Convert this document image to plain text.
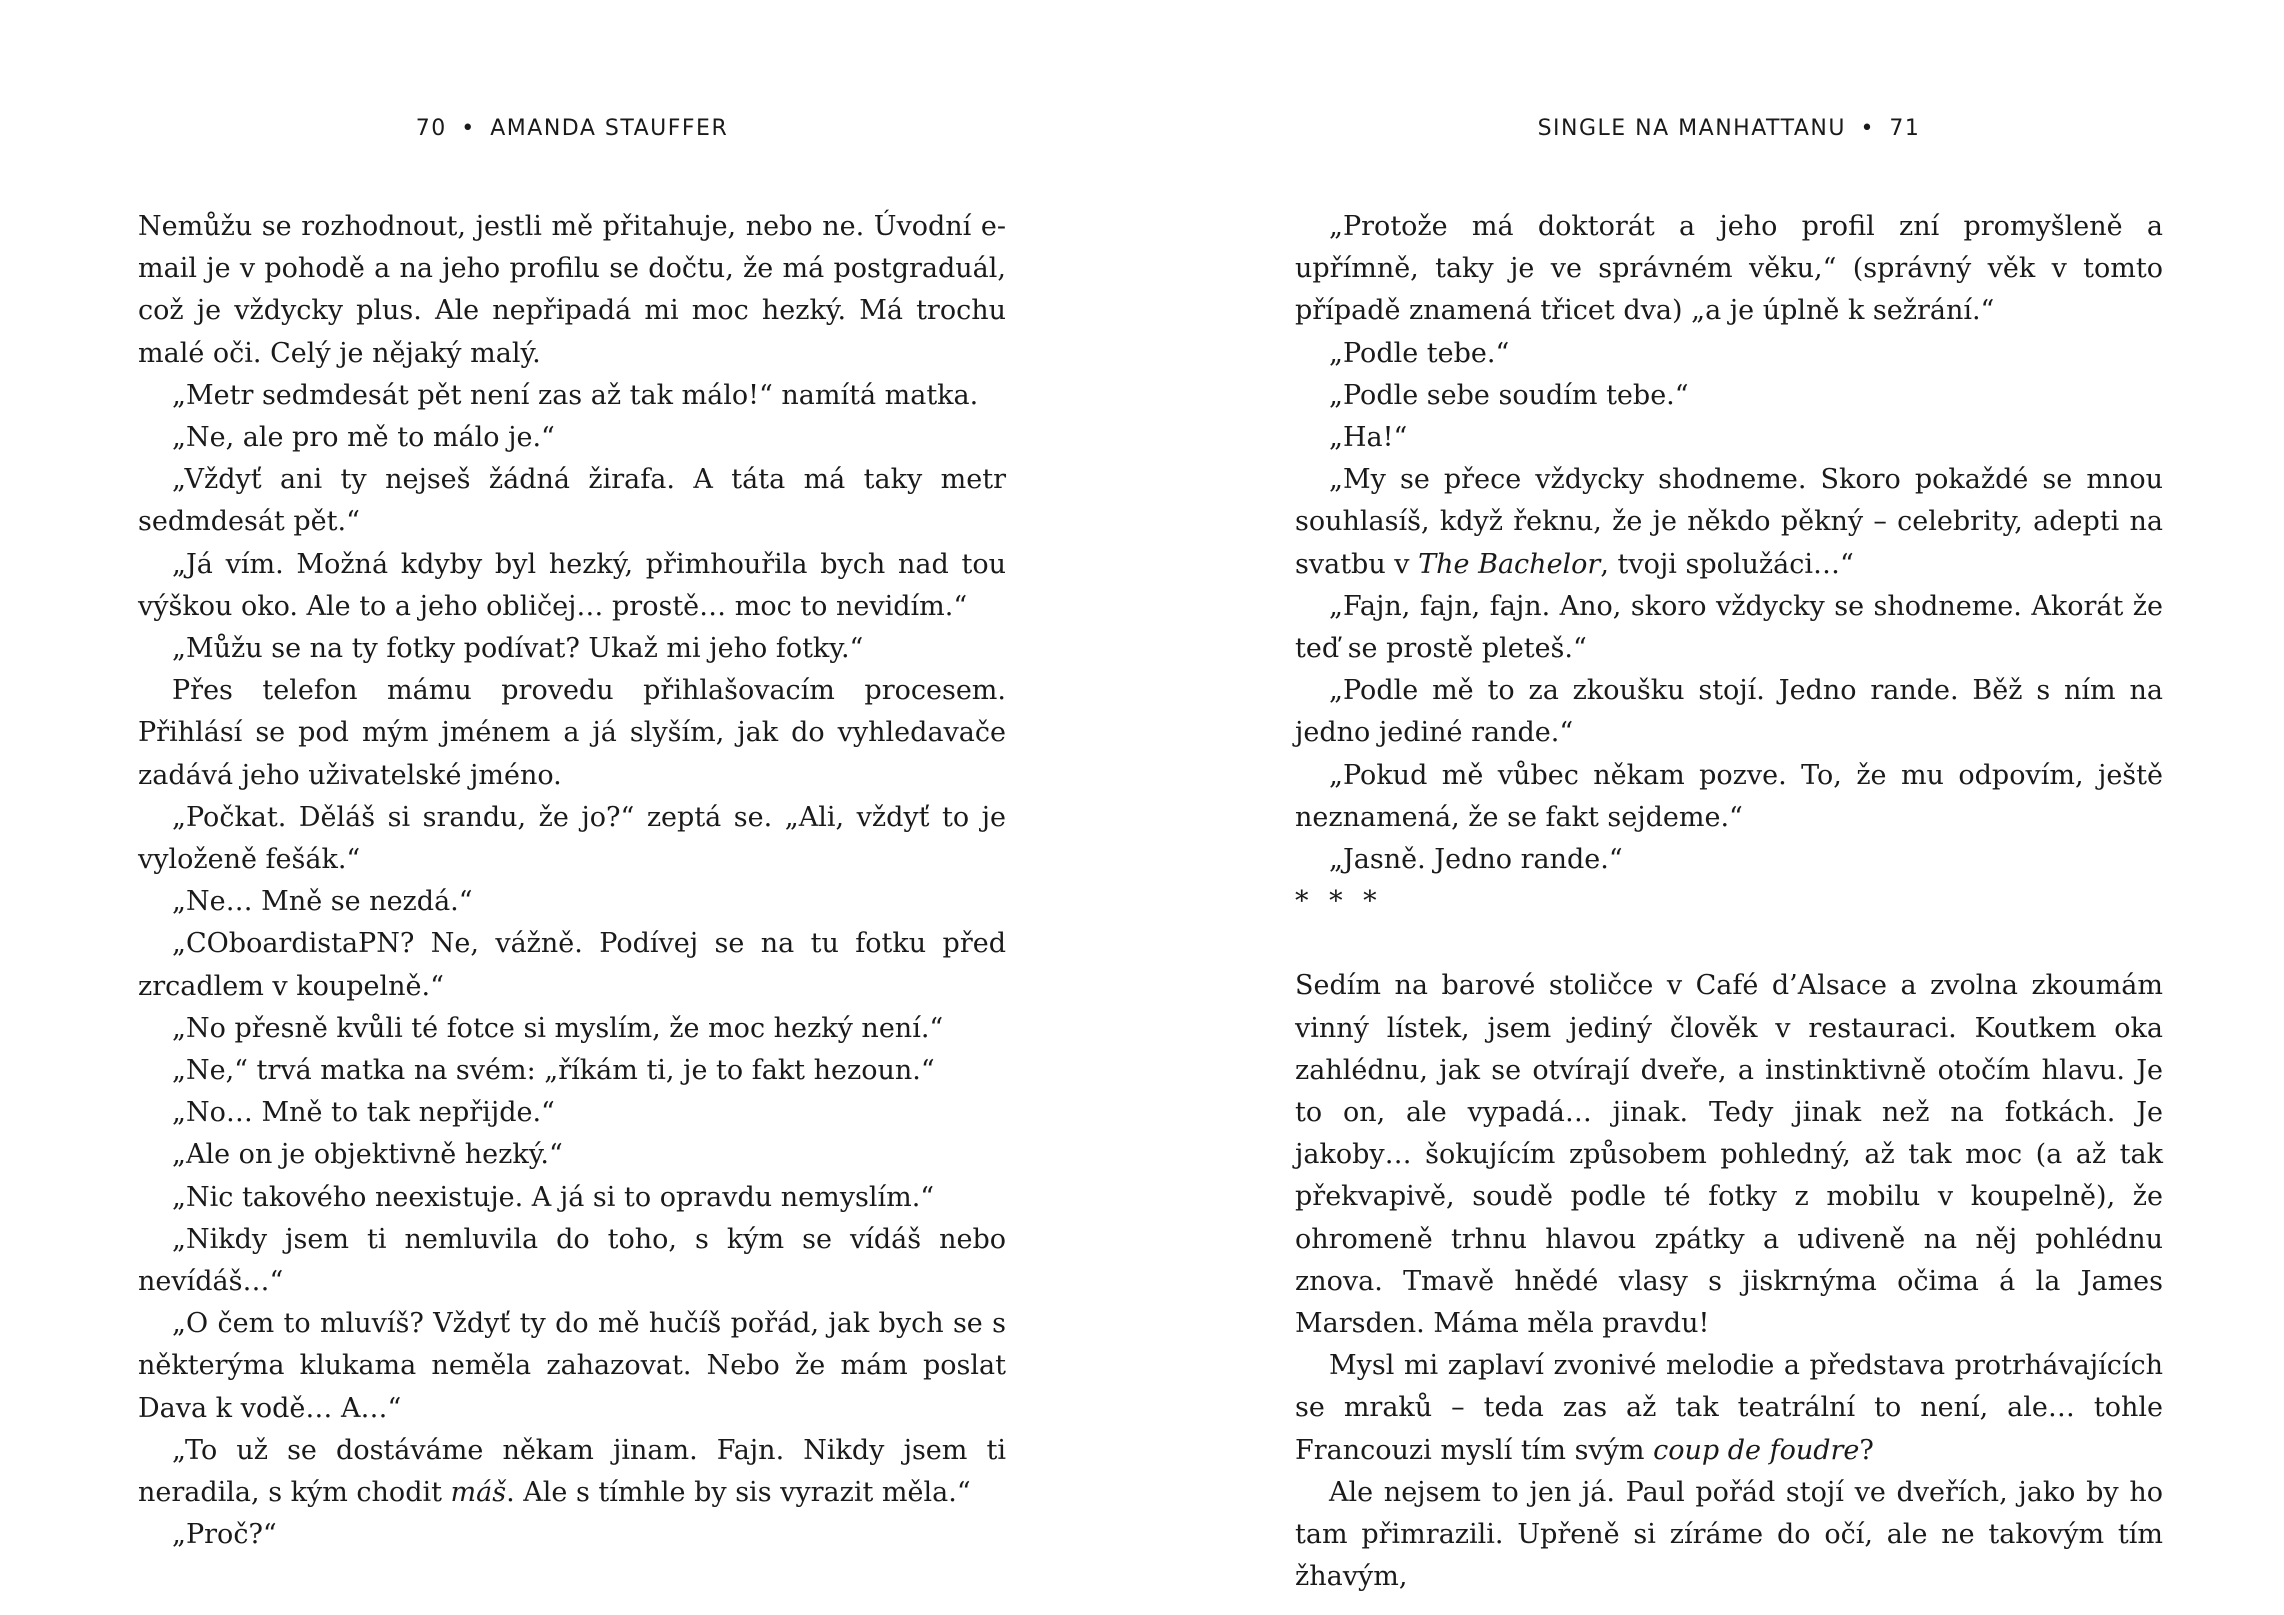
70 • AMANDA STAUFFER

Nemůžu se rozhodnout, jestli mě přitahuje, nebo ne. Úvodní e-mail je v pohodě a na jeho profilu se dočtu, že má postgraduál, což je vždycky plus. Ale nepřipadá mi moc hezký. Má trochu malé oči. Celý je nějaký malý.

„Metr sedmdesát pět není zas až tak málo!“ namítá matka.

„Ne, ale pro mě to málo je.“

„Vždyť ani ty nejseš žádná žirafa. A táta má taky metr sedmdesát pět.“

„Já vím. Možná kdyby byl hezký, přimhouřila bych nad tou výškou oko. Ale to a jeho obličej… prostě… moc to nevidím.“

„Můžu se na ty fotky podívat? Ukaž mi jeho fotky.“

Přes telefon mámu provedu přihlašovacím procesem. Přihlásí se pod mým jménem a já slyším, jak do vyhledavače zadává jeho uživatelské jméno.

„Počkat. Děláš si srandu, že jo?“ zeptá se. „Ali, vždyť to je vyloženě fešák.“

„Ne… Mně se nezdá.“

„COboardistaPN? Ne, vážně. Podívej se na tu fotku před zrcadlem v koupelně.“

„No přesně kvůli té fotce si myslím, že moc hezký není.“

„Ne,“ trvá matka na svém: „říkám ti, je to fakt hezoun.“

„No… Mně to tak nepřijde.“

„Ale on je objektivně hezký.“

„Nic takového neexistuje. A já si to opravdu nemyslím.“

„Nikdy jsem ti nemluvila do toho, s kým se vídáš nebo nevídáš…“

„O čem to mluvíš? Vždyť ty do mě hučíš pořád, jak bych se s některýma klukama neměla zahazovat. Nebo že mám poslat Dava k vodě… A…“

„To už se dostáváme někam jinam. Fajn. Nikdy jsem ti neradila, s kým chodit máš. Ale s tímhle by sis vyrazit měla.“

„Proč?“

SINGLE NA MANHATTANU • 71

„Protože má doktorát a jeho profil zní promyšleně a upřímně, taky je ve správném věku,“ (správný věk v tomto případě znamená třicet dva) „a je úplně k sežrání.“

„Podle tebe.“

„Podle sebe soudím tebe.“

„Ha!“

„My se přece vždycky shodneme. Skoro pokaždé se mnou souhlasíš, když řeknu, že je někdo pěkný – celebrity, adepti na svatbu v The Bachelor, tvoji spolužáci…“

„Fajn, fajn, fajn. Ano, skoro vždycky se shodneme. Akorát že teď se prostě pleteš.“

„Podle mě to za zkoušku stojí. Jedno rande. Běž s ním na jedno jediné rande.“

„Pokud mě vůbec někam pozve. To, že mu odpovím, ještě neznamená, že se fakt sejdeme.“

„Jasně. Jedno rande.“

* * *

Sedím na barové stoličce v Café d’Alsace a zvolna zkoumám vinný lístek, jsem jediný člověk v restauraci. Koutkem oka zahlédnu, jak se otvírají dveře, a instinktivně otočím hlavu. Je to on, ale vypadá… jinak. Tedy jinak než na fotkách. Je jakoby… šokujícím způsobem pohledný, až tak moc (a až tak překvapivě, soudě podle té fotky z mobilu v koupelně), že ohromeně trhnu hlavou zpátky a udiveně na něj pohlédnu znova. Tmavě hnědé vlasy s jiskrnýma očima á la James Marsden. Máma měla pravdu!

Mysl mi zaplaví zvonivé melodie a představa protrhávajících se mraků – teda zas až tak teatrální to není, ale… tohle Francouzi myslí tím svým coup de foudre?

Ale nejsem to jen já. Paul pořád stojí ve dveřích, jako by ho tam přimrazili. Upřeně si zíráme do očí, ale ne takovým tím žhavým,
